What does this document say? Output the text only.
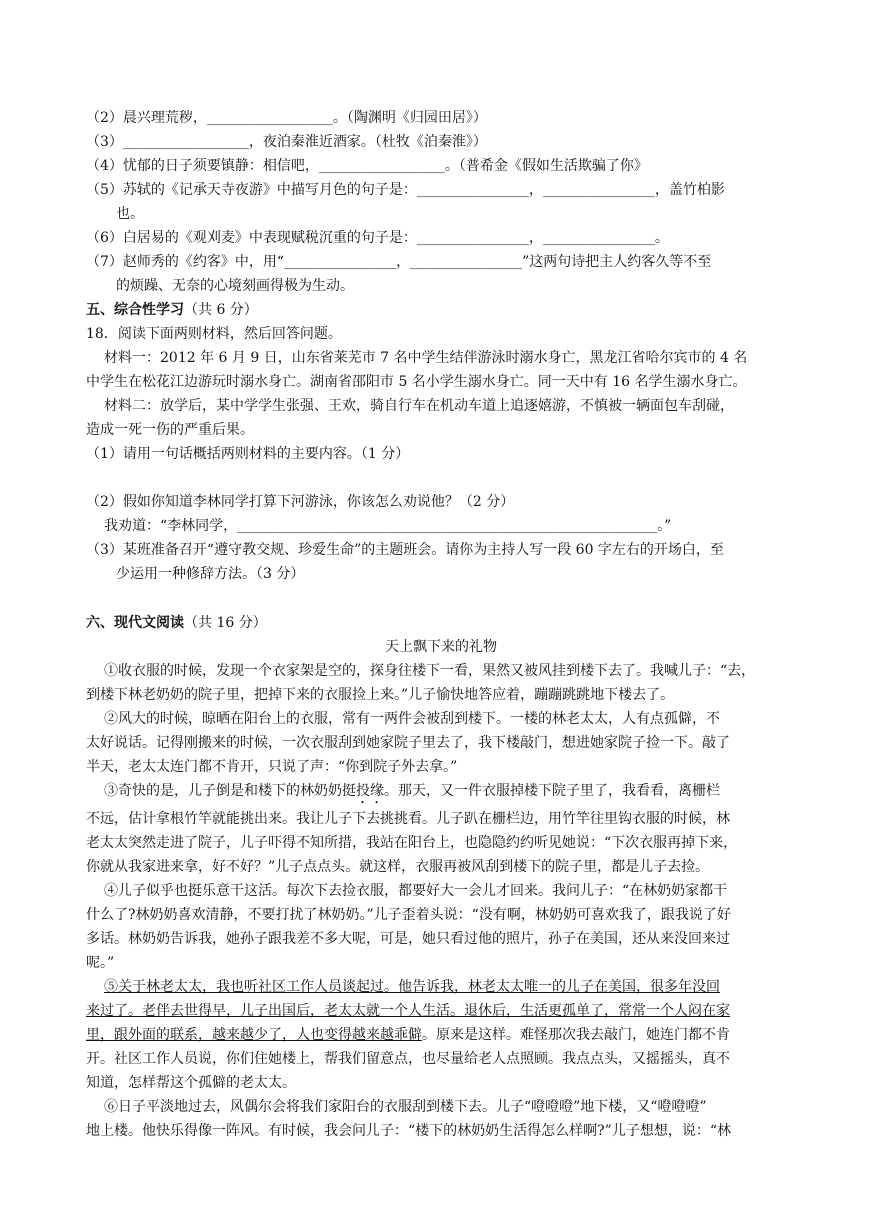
（2）晨兴理荒秽，__________________。（陶渊明《归园田居》）
（3）__________________，夜泊秦淮近酒家。（杜牧《泊秦淮》）
（4）忧郁的日子须要镇静：相信吧，__________________。（普希金《假如生活欺骗了你》
（5）苏轼的《记承天寺夜游》中描写月色的句子是：________________，________________，盖竹柏影
也。
（6）白居易的《观刈麦》中表现赋税沉重的句子是：________________，________________。
（7）赵师秀的《约客》中，用“________________，________________”这两句诗把主人约客久等不至
的烦躁、无奈的心境刻画得极为生动。
五、综合性学习（共 6 分）
18．阅读下面两则材料，然后回答问题。
材料一：2012 年 6 月 9 日，山东省莱芜市 7 名中学生结伴游泳时溺水身亡，黑龙江省哈尔宾市的 4 名
中学生在松花江边游玩时溺水身亡。湖南省邵阳市 5 名小学生溺水身亡。同一天中有 16 名学生溺水身亡。
材料二：放学后，某中学学生张强、王欢，骑自行车在机动车道上追逐嬉游，不慎被一辆面包车刮碰，
造成一死一伤的严重后果。
（1）请用一句话概括两则材料的主要内容。（1 分）
（2）假如你知道李林同学打算下河游泳，你该怎么劝说他？（2 分）
我劝道：“李林同学，____________________________________________________________。”
（3）某班准备召开“遵守教交规、珍爱生命”的主题班会。请你为主持人写一段 60 字左右的开场白，至
少运用一种修辞方法。（3 分）
六、现代文阅读（共 16 分）
天上飘下来的礼物
①收衣服的时候，发现一个衣家架是空的，探身往楼下一看，果然又被风挂到楼下去了。我喊儿子：“去，
到楼下林老奶奶的院子里，把掉下来的衣服捡上来。”儿子愉快地答应着，蹦蹦跳跳地下楼去了。
②风大的时候，晾晒在阳台上的衣服，常有一两件会被刮到楼下。一楼的林老太太，人有点孤僻，不
太好说话。记得刚搬来的时候，一次衣服刮到她家院子里去了，我下楼敲门，想进她家院子捡一下。敲了
半天，老太太连门都不肯开，只说了声：“你到院子外去拿。”
③奇快的是，儿子倒是和楼下的林奶奶挺投缘。那天，又一件衣服掉楼下院子里了，我看看，离栅栏
不远，估计拿根竹竿就能挑出来。我让儿子下去挑挑看。儿子趴在栅栏边，用竹竿往里钩衣服的时候，林
老太太突然走进了院子，儿子吓得不知所措，我站在阳台上，也隐隐约约听见她说：“下次衣服再掉下来，
你就从我家进来拿，好不好？”儿子点点头。就这样，衣服再被风刮到楼下的院子里，都是儿子去捡。
④儿子似乎也挺乐意干这活。每次下去捡衣服，都要好大一会儿才回来。我问儿子：“在林奶奶家都干
什么了?林奶奶喜欢清静，不要打扰了林奶奶。”儿子歪着头说：“没有啊，林奶奶可喜欢我了，跟我说了好
多话。林奶奶告诉我，她孙子跟我差不多大呢，可是，她只看过他的照片，孙子在美国，还从来没回来过
呢。”
⑤关于林老太太，我也听社区工作人员谈起过。他告诉我，林老太太唯一的儿子在美国，很多年没回
来过了。老伴去世得早，儿子出国后，老太太就一个人生活。退休后，生活更孤单了，常常一个人闷在家
里，跟外面的联系，越来越少了，人也变得越来越乖僻。原来是这样。难怪那次我去敲门，她连门都不肯
开。社区工作人员说，你们住她楼上，帮我们留意点，也尽量给老人点照顾。我点点头，又摇摇头，真不
知道，怎样帮这个孤僻的老太太。
⑥日子平淡地过去，风偶尔会将我们家阳台的衣服刮到楼下去。儿子“噔噔噔”地下楼，又“噔噔噔”
地上楼。他快乐得像一阵风。有时候，我会问儿子：“楼下的林奶奶生活得怎么样啊?”儿子想想，说：“林
